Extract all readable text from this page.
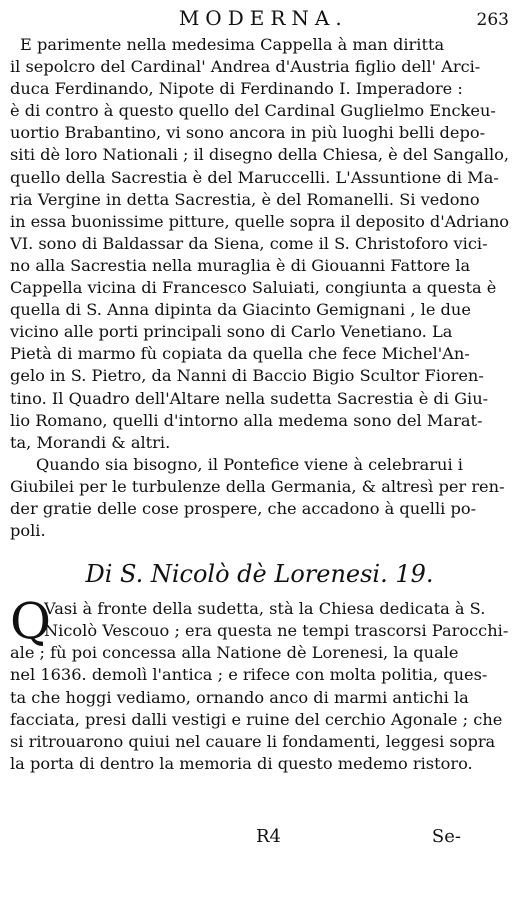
MODERNA.	263

E parimente nella medesima Cappella à man diritta
il sepolcro del Cardinal' Andrea d'Austria figlio dell' Arci-
duca Ferdinando, Nipote di Ferdinando I. Imperadore :
è di contro à questo quello del Cardinal Guglielmo Enckeu-
uortio Brabantino, vi sono ancora in più luoghi belli depo-
siti dè loro Nationali ; il disegno della Chiesa, è del Sangallo,
quello della Sacrestia è del Maruccelli. L'Assuntione di Ma-
ria Vergine in detta Sacrestia, è del Romanelli. Si vedono
in essa buonissime pitture, quelle sopra il deposito d'Adriano
VI. sono di Baldassar da Siena, come il S. Christoforo vici-
no alla Sacrestia nella muraglia è di Giouanni Fattore la
Cappella vicina di Francesco Saluiati, congiunta a questa è
quella di S. Anna dipinta da Giacinto Gemignani , le due
vicino alle porti principali sono di Carlo Venetiano. La
Pietà di marmo fù copiata da quella che fece Michel'An-
gelo in S. Pietro, da Nanni di Baccio Bigio Scultor Fioren-
tino. Il Quadro dell'Altare nella sudetta Sacrestia è di Giu-
lio Romano, quelli d'intorno alla medema sono del Marat-
ta, Morandi & altri.

Quando sia bisogno, il Pontefice viene à celebrarui i
Giubilei per le turbulenze della Germania, & altresì per ren-
der gratie delle cose prospere, che accadono à quelli po-
poli.

Di S. Nicolò dè Lorenesi. 19.
Q
Vasi à fronte della sudetta, stà la Chiesa dedicata à S.
Nicolò Vescouo ; era questa ne tempi trascorsi Parocchi-
ale ; fù poi concessa alla Natione dè Lorenesi, la quale
nel 1636. demolì l'antica ; e rifece con molta politia, ques-
ta che hoggi vediamo, ornando anco di marmi antichi la
facciata, presi dalli vestigi e ruine del cerchio Agonale ; che
si ritrouarono quiui nel cauare li fondamenti, leggesi sopra
la porta di dentro la memoria di questo medemo ristoro.
R4	Se-
